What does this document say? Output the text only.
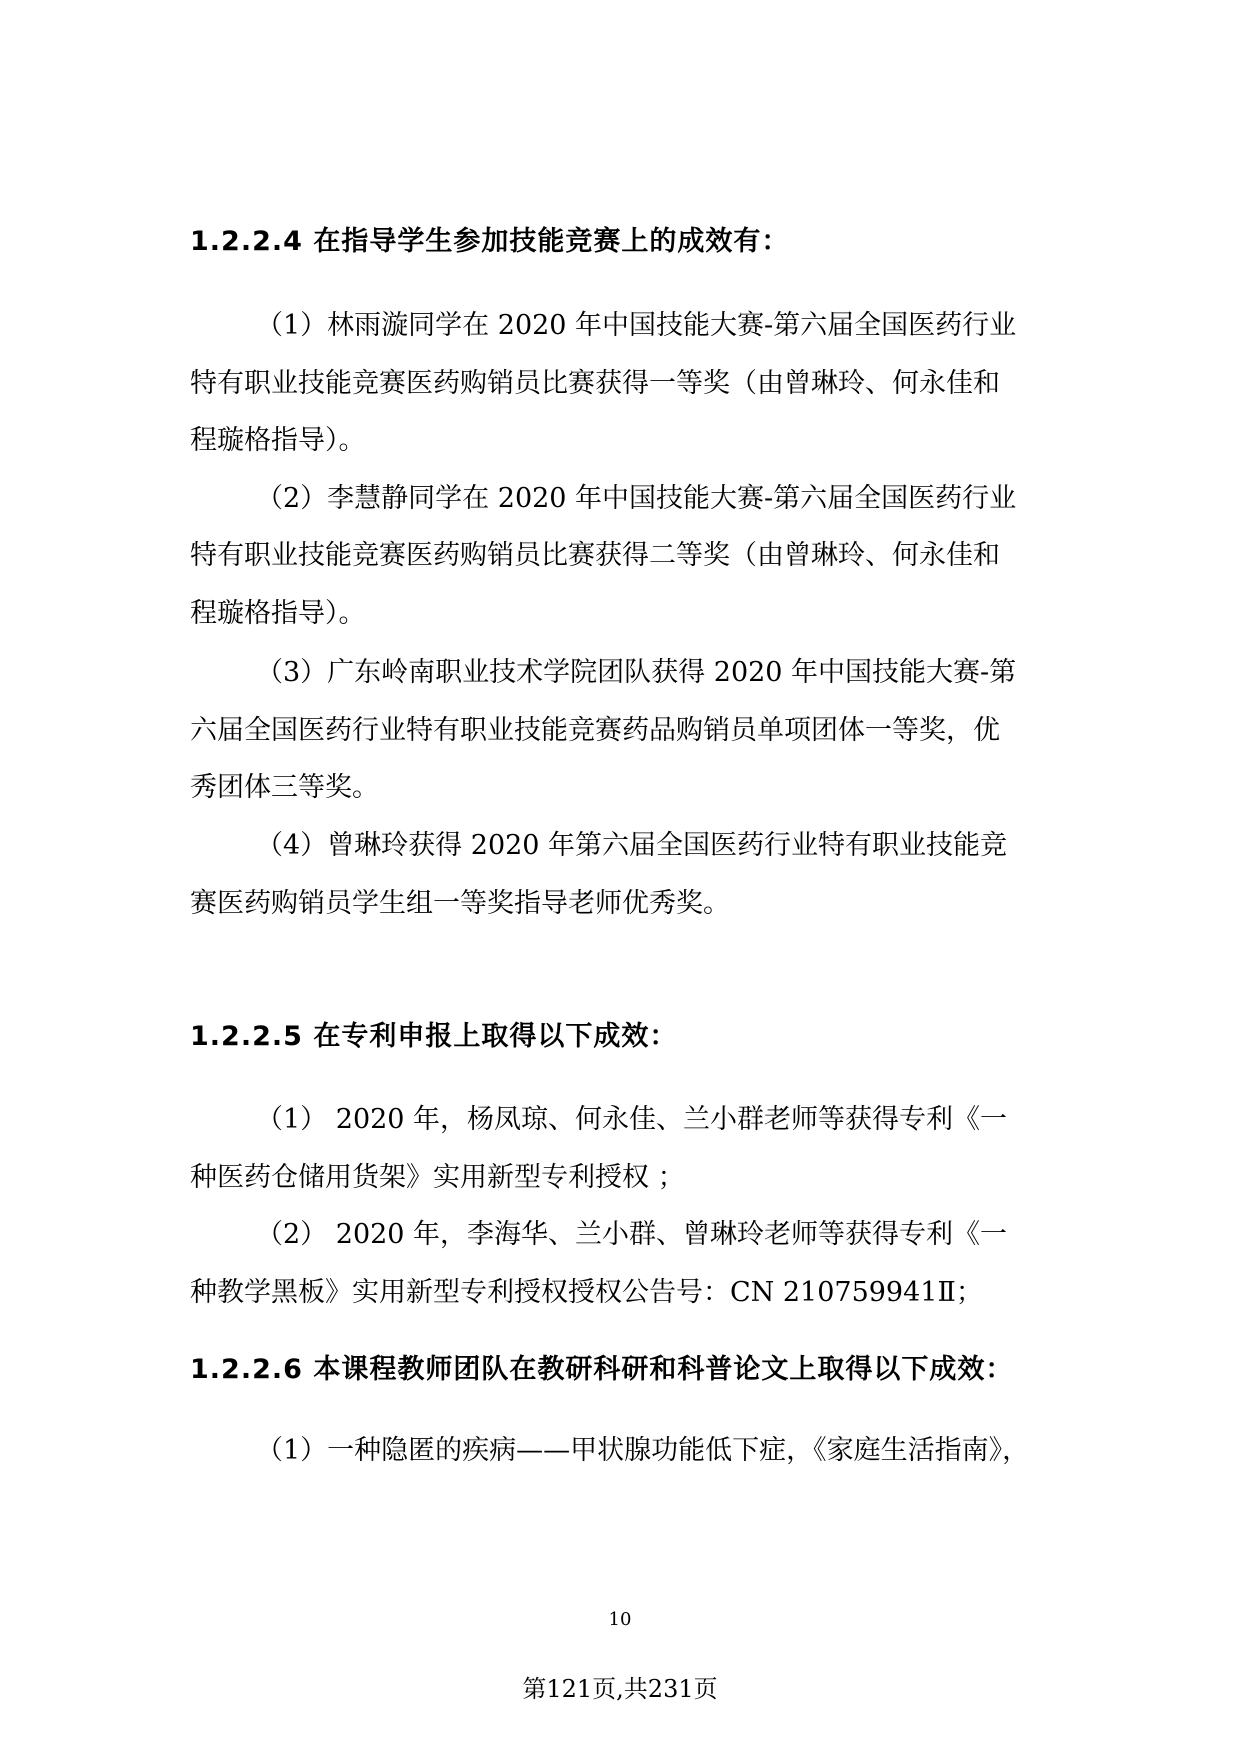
1.2.2.4 在指导学生参加技能竞赛上的成效有：
（1）林雨漩同学在 2020 年中国技能大赛-第六届全国医药行业
特有职业技能竞赛医药购销员比赛获得一等奖（由曾琳玲、何永佳和
程璇格指导）。
（2）李慧静同学在 2020 年中国技能大赛-第六届全国医药行业
特有职业技能竞赛医药购销员比赛获得二等奖（由曾琳玲、何永佳和
程璇格指导）。
（3）广东岭南职业技术学院团队获得 2020 年中国技能大赛-第
六届全国医药行业特有职业技能竞赛药品购销员单项团体一等奖，优
秀团体三等奖。
（4）曾琳玲获得 2020 年第六届全国医药行业特有职业技能竞
赛医药购销员学生组一等奖指导老师优秀奖。
1.2.2.5 在专利申报上取得以下成效：
（1） 2020 年，杨凤琼、何永佳、兰小群老师等获得专利《一
种医药仓储用货架》实用新型专利授权 ；
（2） 2020 年，李海华、兰小群、曾琳玲老师等获得专利《一
种教学黑板》实用新型专利授权授权公告号：CN 210759941Ⅱ；
1.2.2.6 本课程教师团队在教研科研和科普论文上取得以下成效：
（1）一种隐匿的疾病——甲状腺功能低下症，《家庭生活指南》，
10
第121页,共231页
